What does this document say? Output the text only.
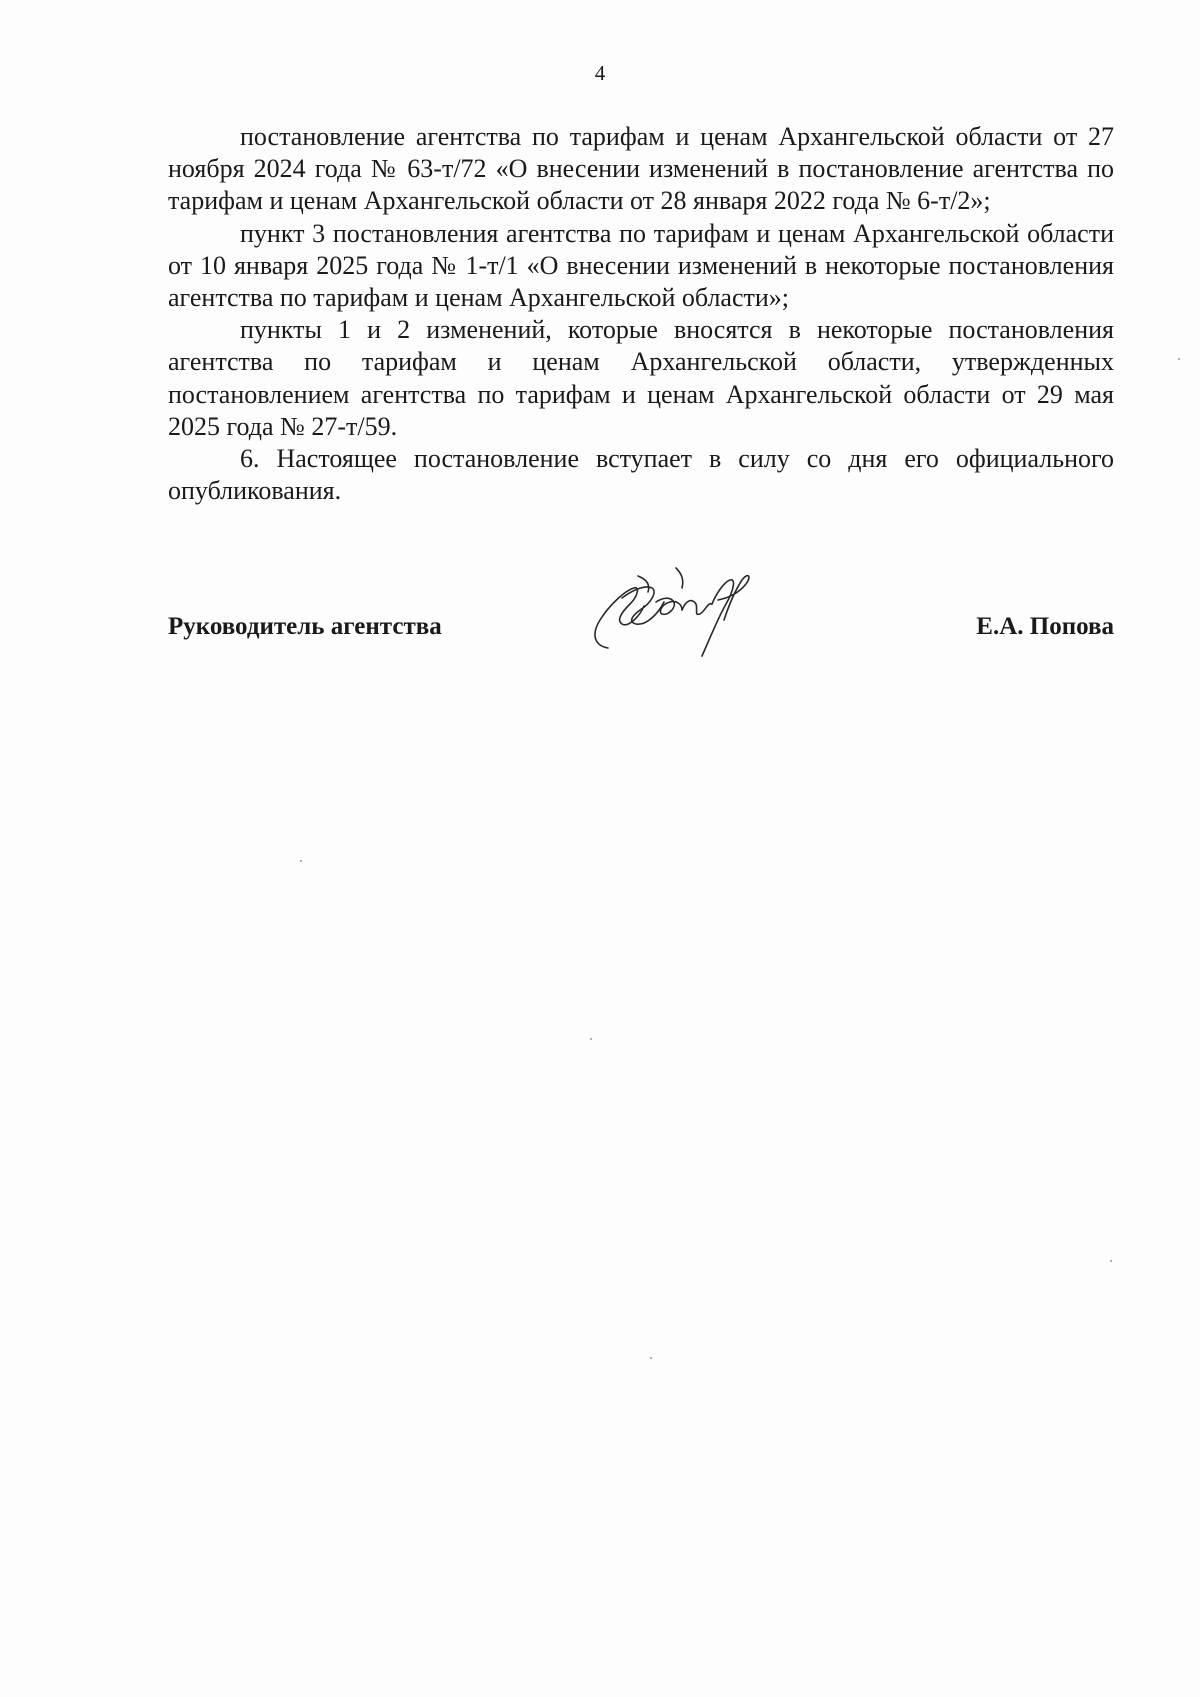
4

постановление агентства по тарифам и ценам Архангельской области от 27 ноября 2024 года № 63-т/72 «О внесении изменений в постановление агентства по тарифам и ценам Архангельской области от 28 января 2022 года № 6-т/2»;

пункт 3 постановления агентства по тарифам и ценам Архангельской области от 10 января 2025 года № 1-т/1 «О внесении изменений в некоторые постановления агентства по тарифам и ценам Архангельской области»;

пункты 1 и 2 изменений, которые вносятся в некоторые постановления агентства по тарифам и ценам Архангельской области, утвержденных постановлением агентства по тарифам и ценам Архангельской области от 29 мая 2025 года № 27-т/59.

6. Настоящее постановление вступает в силу со дня его официального опубликования.

Руководитель агентства	Е.А. Попова
